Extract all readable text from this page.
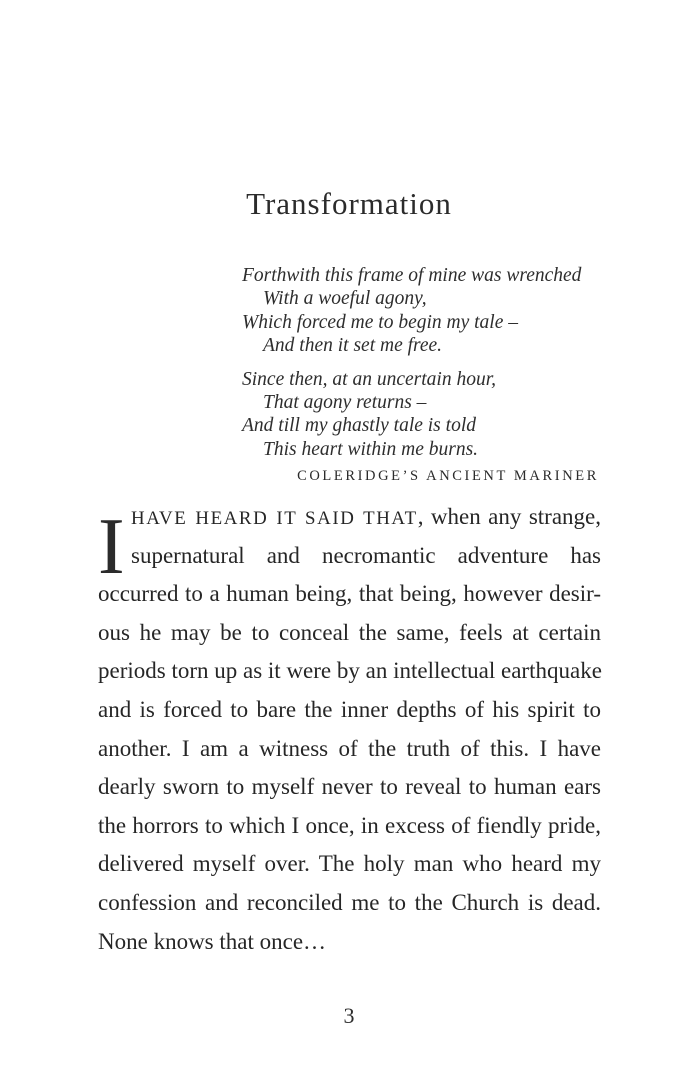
Transformation
Forthwith this frame of mine was wrenched
With a woeful agony,
Which forced me to begin my tale –
And then it set me free.
Since then, at an uncertain hour,
That agony returns –
And till my ghastly tale is told
This heart within me burns.
COLERIDGE’S ANCIENT MARINER
I HAVE HEARD IT SAID THAT, when any strange,
supernatural and necromantic adventure has
occurred to a human being, that being, however desir-
ous he may be to conceal the same, feels at certain
periods torn up as it were by an intellectual earthquake
and is forced to bare the inner depths of his spirit to
another. I am a witness of the truth of this. I have
dearly sworn to myself never to reveal to human ears
the horrors to which I once, in excess of fiendly pride,
delivered myself over. The holy man who heard my
confession and reconciled me to the Church is dead.
None knows that once…
3
